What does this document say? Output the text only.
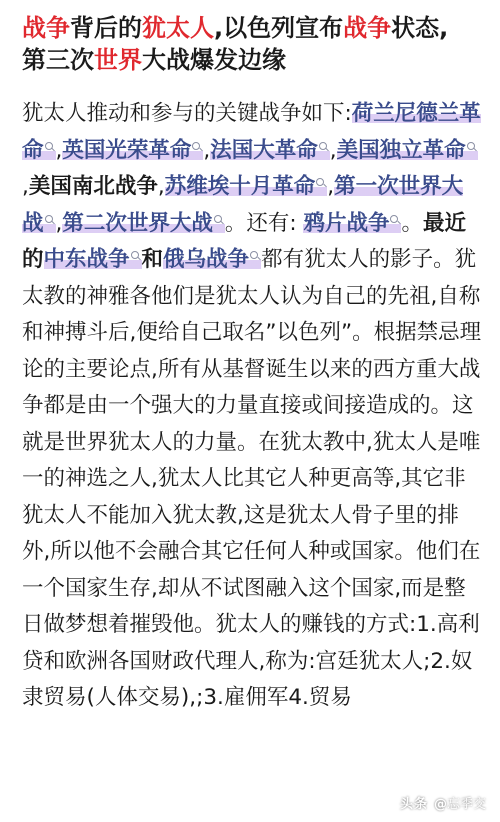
战争背后的犹太人,以色列宣布战争状态,
第三次世界大战爆发边缘

犹太人推动和参与的关键战争如下:荷兰尼德兰革命 ,英国光荣革命 ,法国大革命 ,美国独立革命,美国南北战争,苏维埃十月革命 ,第一次世界大战 ,第二次世界大战 。还有: 鸦片战争 。最近的中东战争 和俄乌战争 都有犹太人的影子。犹太教的神雅各他们是犹太人认为自己的先祖,自称和神搏斗后,便给自己取名”以色列”。根据禁忌理论的主要论点,所有从基督诞生以来的西方重大战争都是由一个强大的力量直接或间接造成的。这就是世界犹太人的力量。在犹太教中,犹太人是唯一的神选之人,犹太人比其它人种更高等,其它非犹太人不能加入犹太教,这是犹太人骨子里的排外,所以他不会融合其它任何人种或国家。他们在一个国家生存,却从不试图融入这个国家,而是整日做梦想着摧毁他。犹太人的赚钱的方式:1.高利贷和欧洲各国财政代理人,称为:宫廷犹太人;2.奴隶贸易(人体交易),;3.雇佣军4.贸易

头条 @忘季交
